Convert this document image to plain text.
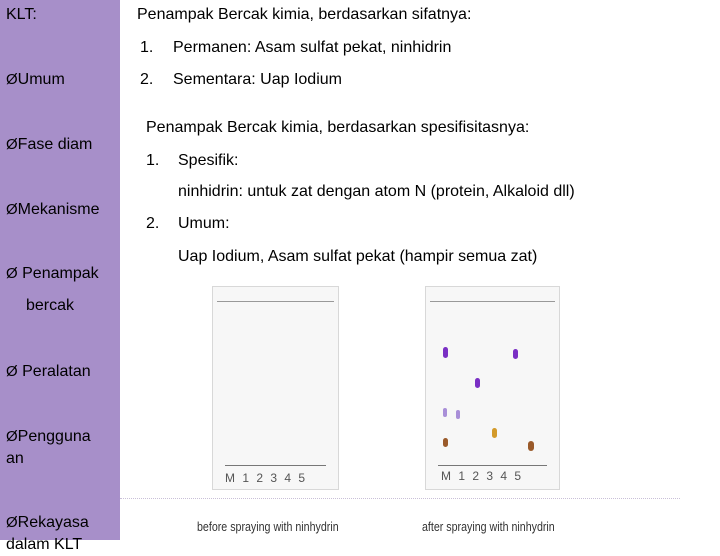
KLT:
ØUmum
ØFase diam
ØMekanisme
Ø Penampak
bercak
Ø Peralatan
ØPengguna
an
ØRekayasa
dalam KLT
Penampak Bercak kimia, berdasarkan sifatnya:
1. Permanen: Asam sulfat pekat, ninhidrin
2. Sementara: Uap Iodium
Penampak Bercak kimia, berdasarkan spesifisitasnya:
1. Spesifik:
ninhidrin: untuk zat dengan atom N (protein, Alkaloid dll)
2. Umum:
Uap Iodium, Asam sulfat pekat (hampir semua zat)
M 1 2 3 4 5	M 1 2 3 4 5
before spraying with ninhydrin	after spraying with ninhydrin
